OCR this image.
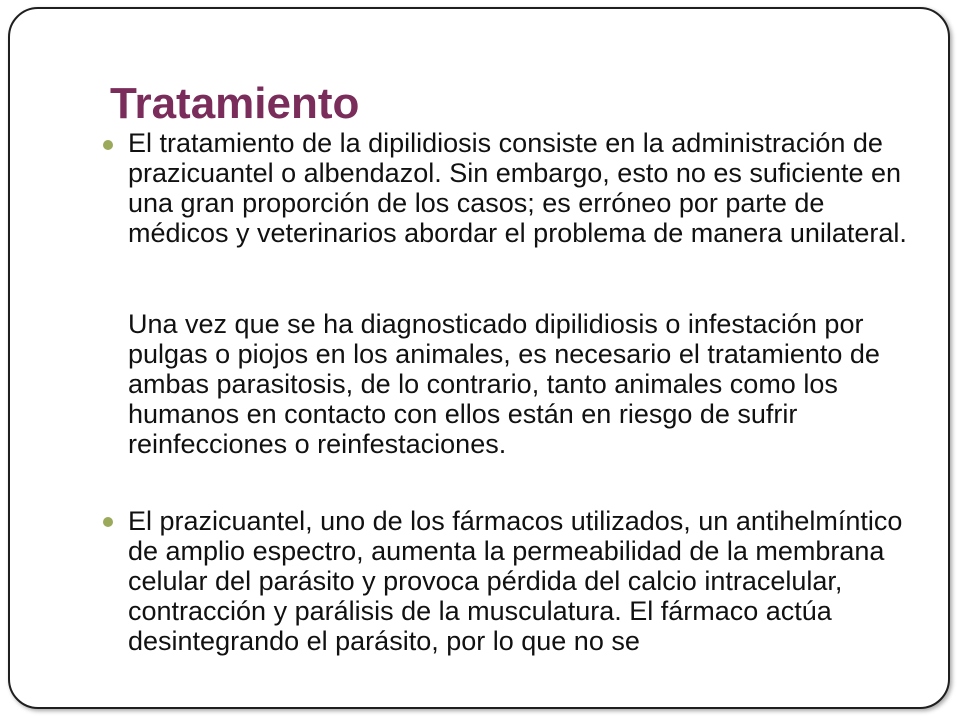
Tratamiento

El tratamiento de la dipilidiosis consiste en la administración de prazicuantel o albendazol. Sin embargo, esto no es suficiente en una gran proporción de los casos; es erróneo por parte de médicos y veterinarios abordar el problema de manera unilateral.

Una vez que se ha diagnosticado dipilidiosis o infestación por pulgas o piojos en los animales, es necesario el tratamiento de ambas parasitosis, de lo contrario, tanto animales como los humanos en contacto con ellos están en riesgo de sufrir reinfecciones o reinfestaciones.

El prazicuantel, uno de los fármacos utilizados, un antihelmíntico de amplio espectro, aumenta la permeabilidad de la membrana celular del parásito y provoca pérdida del calcio intracelular, contracción y parálisis de la musculatura. El fármaco actúa desintegrando el parásito, por lo que no se
